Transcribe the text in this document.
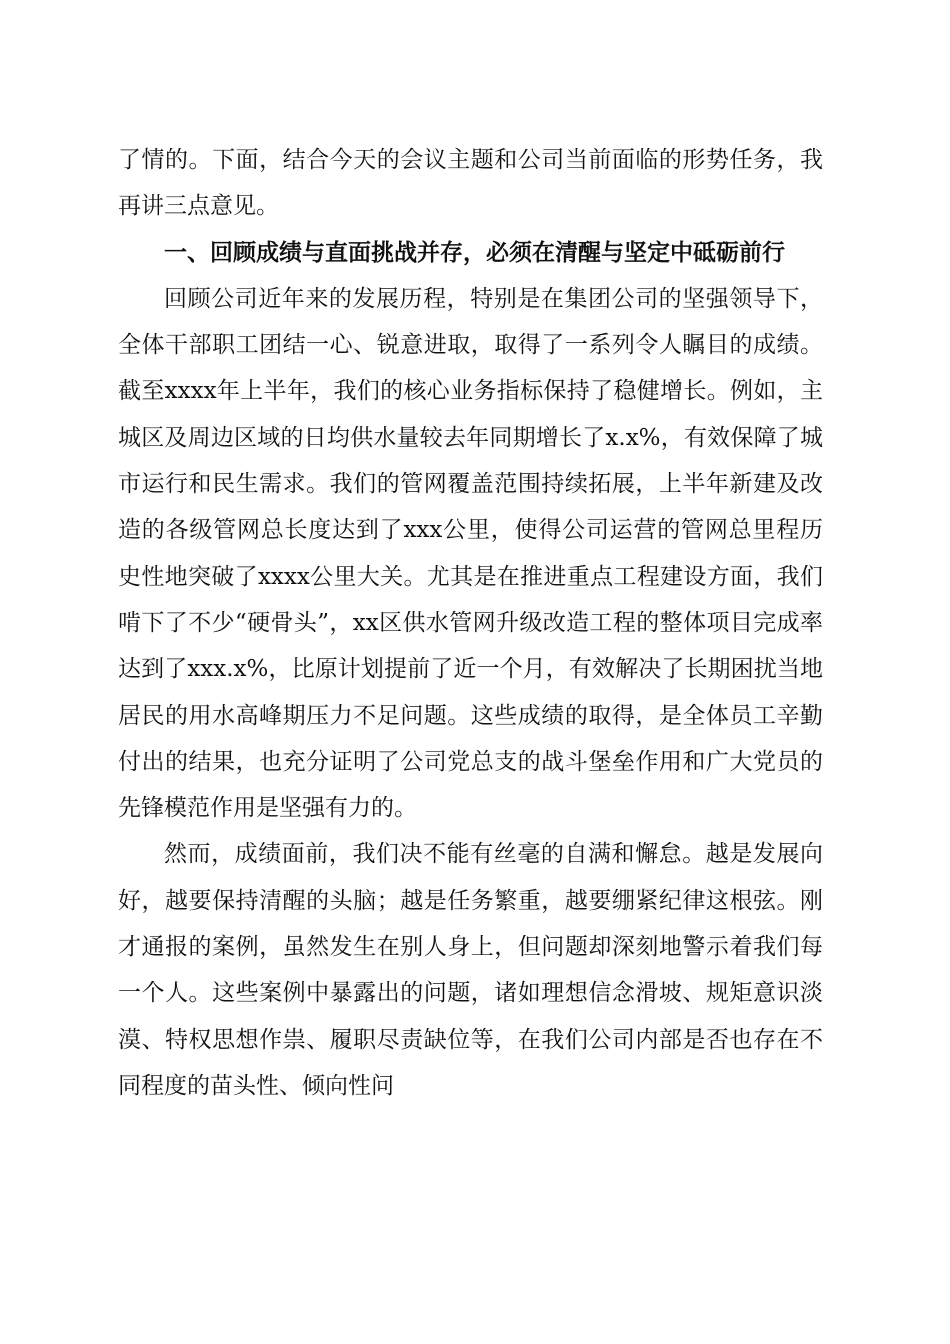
了情的。下面，结合今天的会议主题和公司当前面临的形势任务，我再讲三点意见。

一、回顾成绩与直面挑战并存，必须在清醒与坚定中砥砺前行

回顾公司近年来的发展历程，特别是在集团公司的坚强领导下，全体干部职工团结一心、锐意进取，取得了一系列令人瞩目的成绩。截至xxxx年上半年，我们的核心业务指标保持了稳健增长。例如，主城区及周边区域的日均供水量较去年同期增长了x.x%，有效保障了城市运行和民生需求。我们的管网覆盖范围持续拓展，上半年新建及改造的各级管网总长度达到了xxx公里，使得公司运营的管网总里程历史性地突破了xxxx公里大关。尤其是在推进重点工程建设方面，我们啃下了不少“硬骨头”，xx区供水管网升级改造工程的整体项目完成率达到了xxx.x%，比原计划提前了近一个月，有效解决了长期困扰当地居民的用水高峰期压力不足问题。这些成绩的取得，是全体员工辛勤付出的结果，也充分证明了公司党总支的战斗堡垒作用和广大党员的先锋模范作用是坚强有力的。

然而，成绩面前，我们决不能有丝毫的自满和懈怠。越是发展向好，越要保持清醒的头脑；越是任务繁重，越要绷紧纪律这根弦。刚才通报的案例，虽然发生在别人身上，但问题却深刻地警示着我们每一个人。这些案例中暴露出的问题，诸如理想信念滑坡、规矩意识淡漠、特权思想作祟、履职尽责缺位等，在我们公司内部是否也存在不同程度的苗头性、倾向性问
